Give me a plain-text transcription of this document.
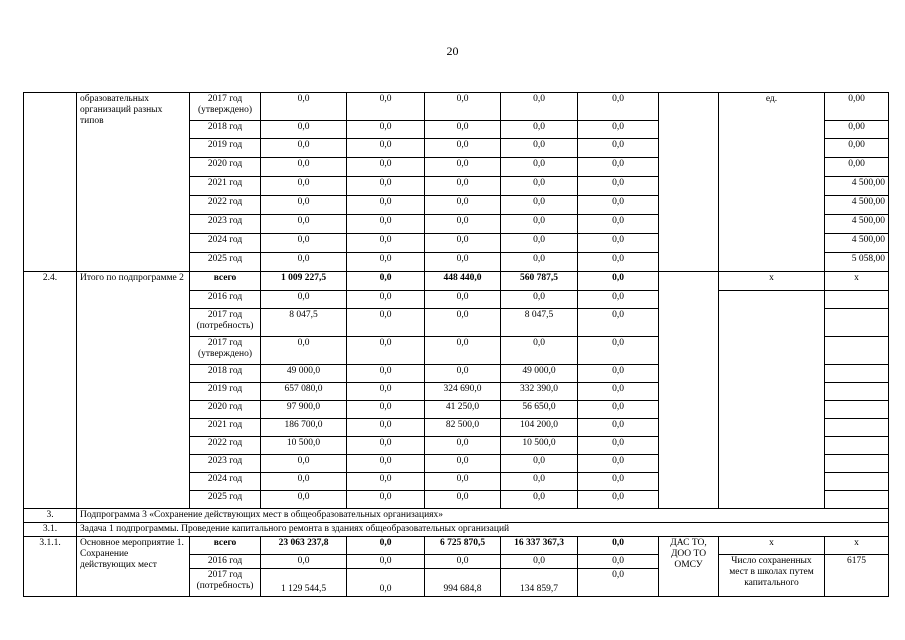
20
	образовательных организаций разных типов	2017 год (утверждено)	0,0	0,0	0,0	0,0	0,0		ед.	0,00
		2018 год	0,0	0,0	0,0	0,0	0,0			0,00
		2019 год	0,0	0,0	0,0	0,0	0,0			0,00
		2020 год	0,0	0,0	0,0	0,0	0,0			0,00
		2021 год	0,0	0,0	0,0	0,0	0,0			4 500,00
		2022 год	0,0	0,0	0,0	0,0	0,0			4 500,00
		2023 год	0,0	0,0	0,0	0,0	0,0			4 500,00
		2024 год	0,0	0,0	0,0	0,0	0,0			4 500,00
		2025 год	0,0	0,0	0,0	0,0	0,0			5 058,00
2.4.	Итого по подпрограмме 2	всего	1 009 227,5	0,0	448 440,0	560 787,5	0,0		x	x
		2016 год	0,0	0,0	0,0	0,0	0,0			
		2017 год (потребность)	8 047,5	0,0	0,0	8 047,5	0,0			
		2017 год (утверждено)	0,0	0,0	0,0	0,0	0,0			
		2018 год	49 000,0	0,0	0,0	49 000,0	0,0			
		2019 год	657 080,0	0,0	324 690,0	332 390,0	0,0			
		2020 год	97 900,0	0,0	41 250,0	56 650,0	0,0			
		2021 год	186 700,0	0,0	82 500,0	104 200,0	0,0			
		2022 год	10 500,0	0,0	0,0	10 500,0	0,0			
		2023 год	0,0	0,0	0,0	0,0	0,0			
		2024 год	0,0	0,0	0,0	0,0	0,0			
		2025 год	0,0	0,0	0,0	0,0	0,0			
3.	Подпрограмма 3 «Сохранение действующих мест в общеобразовательных организациях»									
3.1.	Задача 1 подпрограммы. Проведение капитального ремонта в зданиях общеобразовательных организаций									
3.1.1.	Основное мероприятие 1. Сохранение действующих мест	всего	23 063 237,8	0,0	6 725 870,5	16 337 367,3	0,0	ДАС ТО, ДОО ТО ОМСУ	x	x
		2016 год	0,0	0,0	0,0	0,0	0,0		Число сохраненных мест в школах путем капитального	6175
		2017 год (потребность)	1 129 544,5	0,0	994 684,8	134 859,7	0,0			
